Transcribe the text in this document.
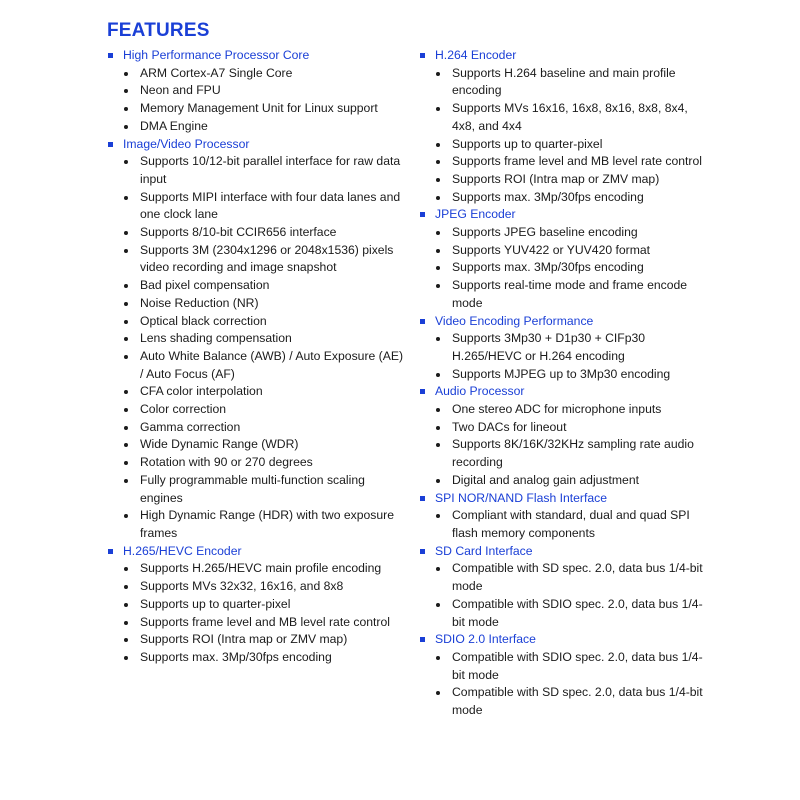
FEATURES
High Performance Processor Core
ARM Cortex-A7 Single Core
Neon and FPU
Memory Management Unit for Linux support
DMA Engine
Image/Video Processor
Supports 10/12-bit parallel interface for raw data input
Supports MIPI interface with four data lanes and one clock lane
Supports 8/10-bit CCIR656 interface
Supports 3M (2304x1296 or 2048x1536) pixels video recording and image snapshot
Bad pixel compensation
Noise Reduction (NR)
Optical black correction
Lens shading compensation
Auto White Balance (AWB) / Auto Exposure (AE) / Auto Focus (AF)
CFA color interpolation
Color correction
Gamma correction
Wide Dynamic Range (WDR)
Rotation with 90 or 270 degrees
Fully programmable multi-function scaling engines
High Dynamic Range (HDR) with two exposure frames
H.265/HEVC Encoder
Supports H.265/HEVC main profile encoding
Supports MVs 32x32, 16x16, and 8x8
Supports up to quarter-pixel
Supports frame level and MB level rate control
Supports ROI (Intra map or ZMV map)
Supports max. 3Mp/30fps encoding
H.264 Encoder
Supports H.264 baseline and main profile encoding
Supports MVs 16x16, 16x8, 8x16, 8x8, 8x4, 4x8, and 4x4
Supports up to quarter-pixel
Supports frame level and MB level rate control
Supports ROI (Intra map or ZMV map)
Supports max. 3Mp/30fps encoding
JPEG Encoder
Supports JPEG baseline encoding
Supports YUV422 or YUV420 format
Supports max. 3Mp/30fps encoding
Supports real-time mode and frame encode mode
Video Encoding Performance
Supports 3Mp30 + D1p30 + CIFp30 H.265/HEVC or H.264 encoding
Supports MJPEG up to 3Mp30 encoding
Audio Processor
One stereo ADC for microphone inputs
Two DACs for lineout
Supports 8K/16K/32KHz sampling rate audio recording
Digital and analog gain adjustment
SPI NOR/NAND Flash Interface
Compliant with standard, dual and quad SPI flash memory components
SD Card Interface
Compatible with SD spec. 2.0, data bus 1/4-bit mode
Compatible with SDIO spec. 2.0, data bus 1/4-bit mode
SDIO 2.0 Interface
Compatible with SDIO spec. 2.0, data bus 1/4-bit mode
Compatible with SD spec. 2.0, data bus 1/4-bit mode
